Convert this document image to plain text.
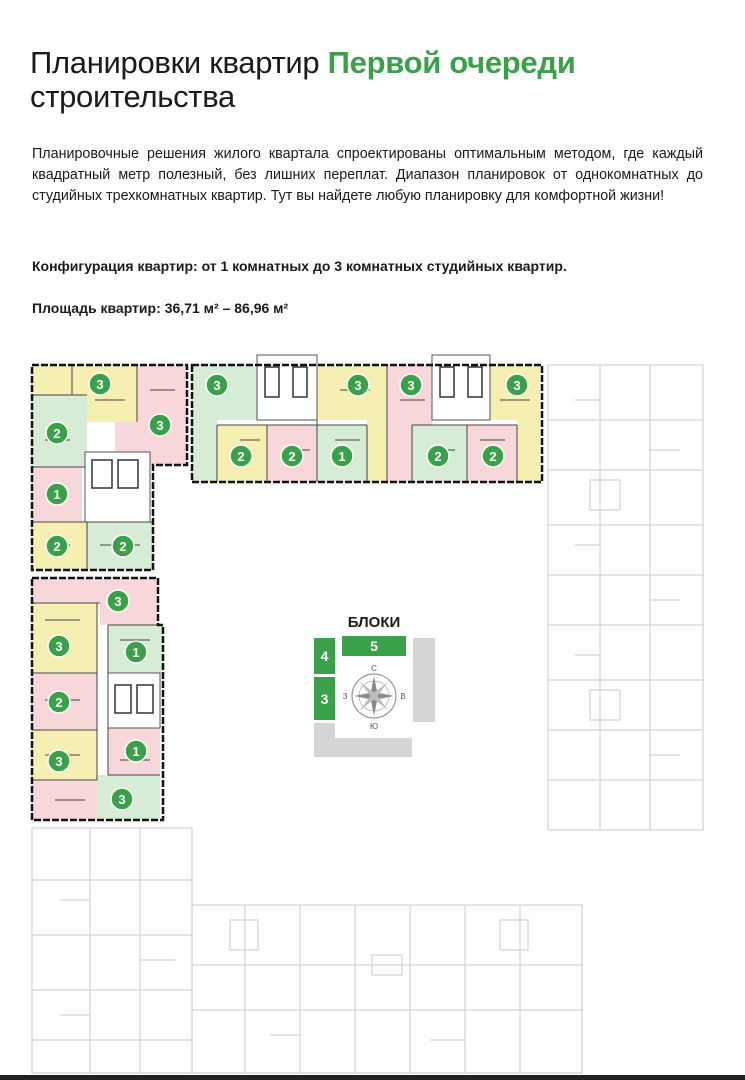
Планировки квартир Первой очереди
строительства

Планировочные решения жилого квартала спроектированы оптимальным методом, где каждый квадратный метр полезный, без лишних переплат. Диапазон планировок от однокомнатных до студийных трехкомнатных квартир. Тут вы найдете любую планировку для комфортной жизни!

Конфигурация квартир: от 1 комнатных до 3 комнатных студийных квартир.

Площадь квартир: 36,71 м² – 86,96 м²

3
3
2
1
2	2
3	3	3	3
2	2	1	2	2
3
3	1
2
3
1
3
БЛОКИ
5
4
3
С
Ю
З	В
